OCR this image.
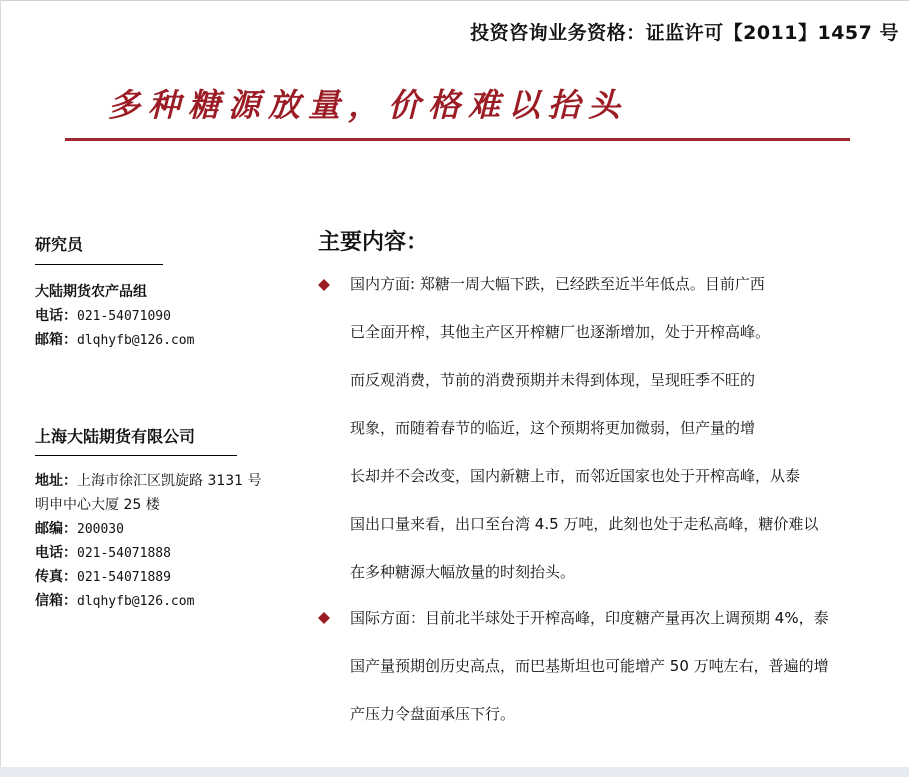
投资咨询业务资格：证监许可【2011】1457 号
多种糖源放量，价格难以抬头
研究员
大陆期货农产品组
电话：021-54071090
邮箱：dlqhyfb@126.com
上海大陆期货有限公司
地址：上海市徐汇区凯旋路 3131 号
明申中心大厦 25 楼
邮编：200030
电话：021-54071888
传真：021-54071889
信箱：dlqhyfb@126.com
主要内容：
国内方面: 郑糖一周大幅下跌，已经跌至近半年低点。目前广西
已全面开榨，其他主产区开榨糖厂也逐渐增加，处于开榨高峰。
而反观消费，节前的消费预期并未得到体现，呈现旺季不旺的
现象，而随着春节的临近，这个预期将更加微弱，但产量的增
长却并不会改变，国内新糖上市，而邻近国家也处于开榨高峰，从泰
国出口量来看，出口至台湾 4.5 万吨，此刻也处于走私高峰，糖价难以
在多种糖源大幅放量的时刻抬头。
国际方面：目前北半球处于开榨高峰，印度糖产量再次上调预期 4%，泰
国产量预期创历史高点，而巴基斯坦也可能增产 50 万吨左右，普遍的增
产压力令盘面承压下行。
